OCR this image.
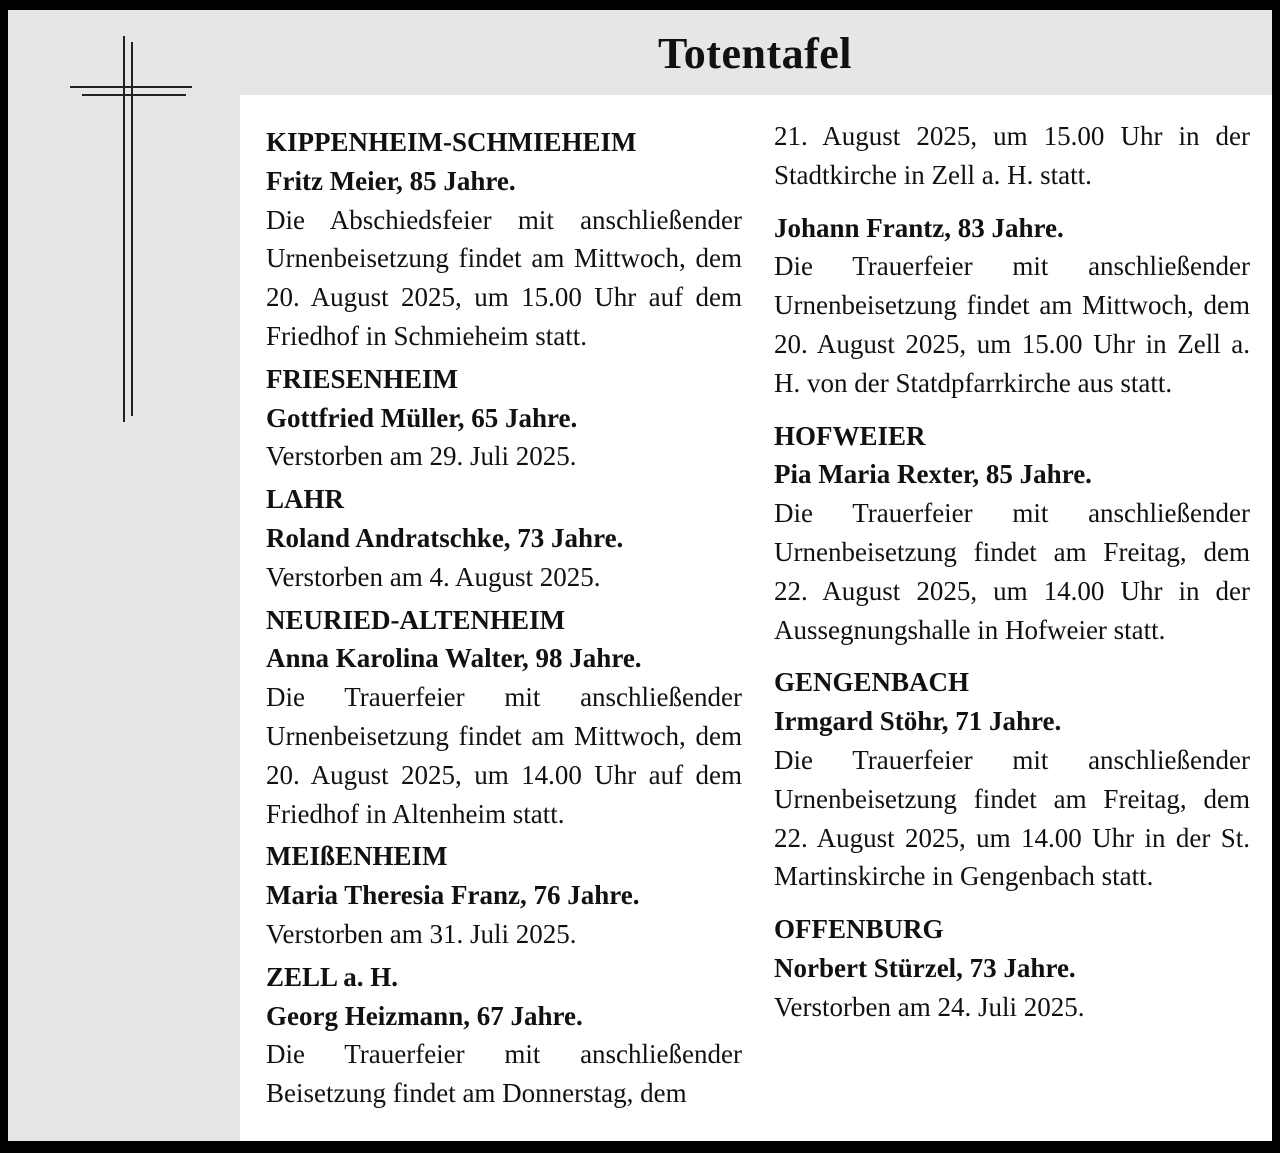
Totentafel
KIPPENHEIM-SCHMIEHEIM
Fritz Meier, 85 Jahre.
Die Abschiedsfeier mit anschließender Urnenbeisetzung findet am Mittwoch, dem 20. August 2025, um 15.00 Uhr auf dem Friedhof in Schmieheim statt.
FRIESENHEIM
Gottfried Müller, 65 Jahre.
Verstorben am 29. Juli 2025.
LAHR
Roland Andratschke, 73 Jahre.
Verstorben am 4. August 2025.
NEURIED-ALTENHEIM
Anna Karolina Walter, 98 Jahre.
Die Trauerfeier mit anschließender Urnenbeisetzung findet am Mittwoch, dem 20. August 2025, um 14.00 Uhr auf dem Friedhof in Altenheim statt.
MEIßENHEIM
Maria Theresia Franz, 76 Jahre.
Verstorben am 31. Juli 2025.
ZELL a. H.
Georg Heizmann, 67 Jahre.
Die Trauerfeier mit anschließender Beisetzung findet am Donnerstag, dem
21. August 2025, um 15.00 Uhr in der Stadtkirche in Zell a. H. statt.
Johann Frantz, 83 Jahre.
Die Trauerfeier mit anschließender Urnenbeisetzung findet am Mittwoch, dem 20. August 2025, um 15.00 Uhr in Zell a. H. von der Statdpfarrkirche aus statt.
HOFWEIER
Pia Maria Rexter, 85 Jahre.
Die Trauerfeier mit anschließender Urnenbeisetzung findet am Freitag, dem 22. August 2025, um 14.00 Uhr in der Aussegnungshalle in Hofweier statt.
GENGENBACH
Irmgard Stöhr, 71 Jahre.
Die Trauerfeier mit anschließender Urnenbeisetzung findet am Freitag, dem 22. August 2025, um 14.00 Uhr in der St. Martinskirche in Gengenbach statt.
OFFENBURG
Norbert Stürzel, 73 Jahre.
Verstorben am 24. Juli 2025.
